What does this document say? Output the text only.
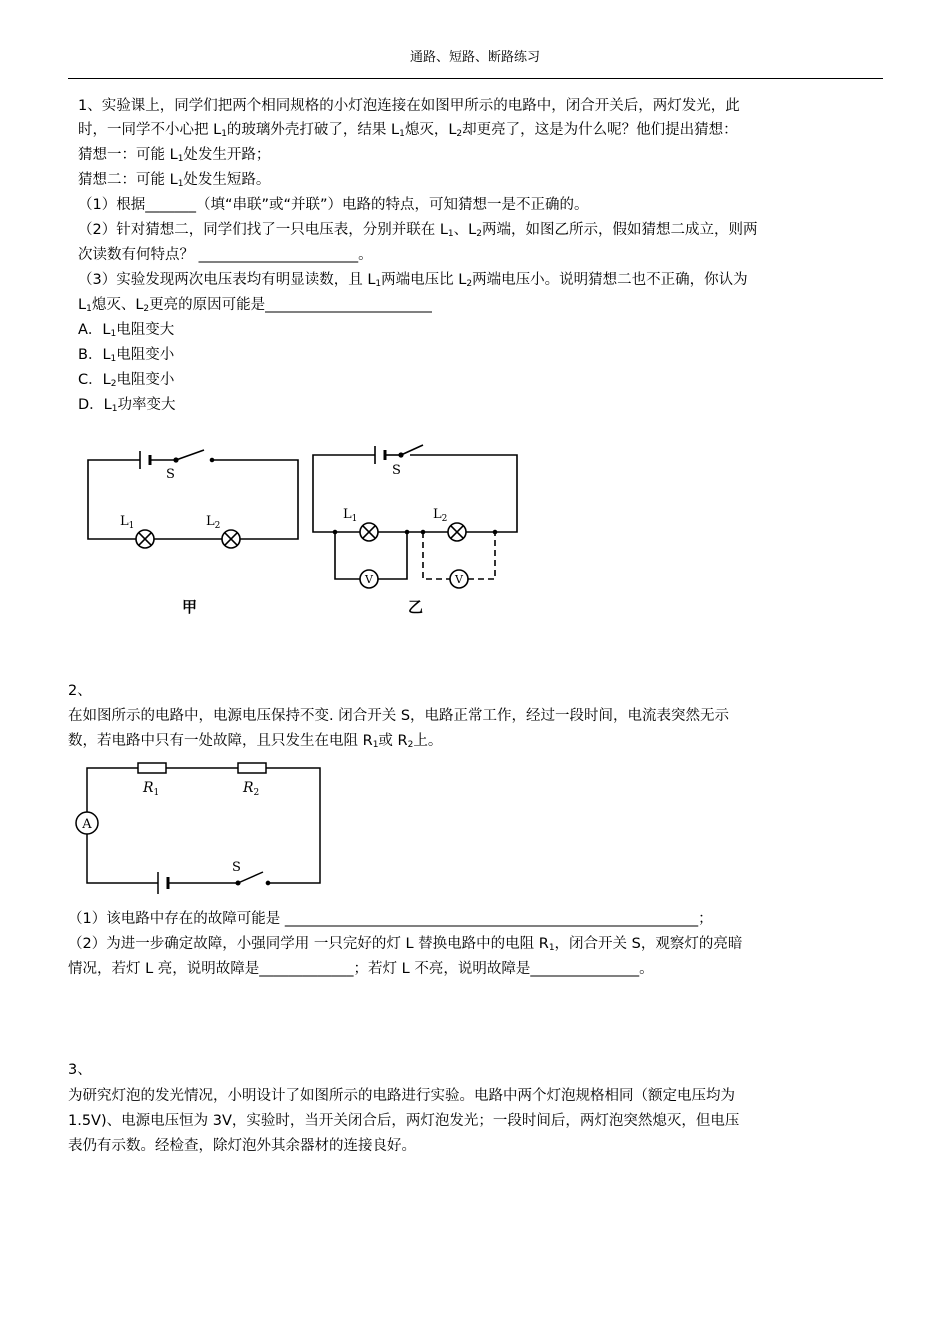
通路、短路、断路练习
1、实验课上，同学们把两个相同规格的小灯泡连接在如图甲所示的电路中，闭合开关后，两灯发光，此
时，一同学不小心把 $L_1$的玻璃外壳打破了，结果 $L_1$熄灭，$L_2$却更亮了，这是为什么呢？他们提出猜想：
猜想一：可能 $L_1$处发生开路；
猜想二：可能 $L_1$处发生短路。
（1）根据_______（填“串联”或“并联”）电路的特点，可知猜想一是不正确的。
（2）针对猜想二，同学们找了一只电压表，分别并联在 $L_1$、$L_2$两端，如图乙所示，假如猜想二成立，则两
次读数有何特点？ ______________________。
（3）实验发现两次电压表均有明显读数，且 $L_1$两端电压比 $L_2$两端电压小。说明猜想二也不正确，你认为
$L_1$熄灭、$L_2$更亮的原因可能是_______________________
A．$L_1$电阻变大
B．$L_1$电阻变小
C．$L_2$电阻变小
D．$L_1$功率变大
S
$L_1$	$L_2$
甲
S
$L_1$	$L_2$
V	V
乙
2、
在如图所示的电路中，电源电压保持不变. 闭合开关 S，电路正常工作，经过一段时间，电流表突然无示
数，若电路中只有一处故障，且只发生在电阻 $R_1$或 $R_2$上。
$R_1$	$R_2$
A
S
（1）该电路中存在的故障可能是 _________________________________________________________；
（2）为进一步确定故障，小强同学用 一只完好的灯 L 替换电路中的电阻 $R_1$，闭合开关 S，观察灯的亮暗
情况，若灯 L 亮，说明故障是_____________；若灯 L 不亮，说明故障是_______________。
3、
为研究灯泡的发光情况，小明设计了如图所示的电路进行实验。电路中两个灯泡规格相同（额定电压均为
1.5V)、电源电压恒为 3V，实验时，当开关闭合后，两灯泡发光；一段时间后，两灯泡突然熄灭，但电压
表仍有示数。经检查，除灯泡外其余器材的连接良好。
